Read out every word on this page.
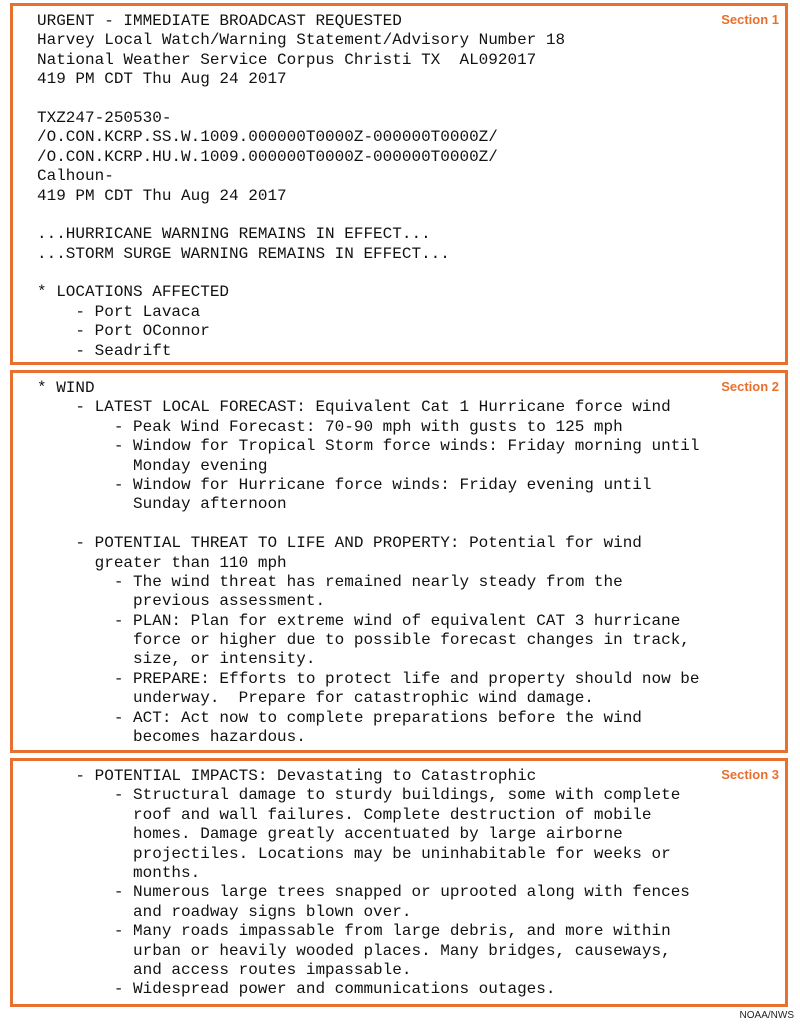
Section 1
URGENT - IMMEDIATE BROADCAST REQUESTED
Harvey Local Watch/Warning Statement/Advisory Number 18
National Weather Service Corpus Christi TX  AL092017
419 PM CDT Thu Aug 24 2017
TXZ247-250530-
/O.CON.KCRP.SS.W.1009.000000T0000Z-000000T0000Z/
/O.CON.KCRP.HU.W.1009.000000T0000Z-000000T0000Z/
Calhoun-
419 PM CDT Thu Aug 24 2017
...HURRICANE WARNING REMAINS IN EFFECT...
...STORM SURGE WARNING REMAINS IN EFFECT...
* LOCATIONS AFFECTED
- Port Lavaca
- Port OConnor
- Seadrift
Section 2
* WIND
- LATEST LOCAL FORECAST: Equivalent Cat 1 Hurricane force wind
- Peak Wind Forecast: 70-90 mph with gusts to 125 mph
- Window for Tropical Storm force winds: Friday morning until
Monday evening
- Window for Hurricane force winds: Friday evening until
Sunday afternoon
- POTENTIAL THREAT TO LIFE AND PROPERTY: Potential for wind
greater than 110 mph
- The wind threat has remained nearly steady from the
previous assessment.
- PLAN: Plan for extreme wind of equivalent CAT 3 hurricane
force or higher due to possible forecast changes in track,
size, or intensity.
- PREPARE: Efforts to protect life and property should now be
underway.  Prepare for catastrophic wind damage.
- ACT: Act now to complete preparations before the wind
becomes hazardous.
Section 3
- POTENTIAL IMPACTS: Devastating to Catastrophic
- Structural damage to sturdy buildings, some with complete
roof and wall failures. Complete destruction of mobile
homes. Damage greatly accentuated by large airborne
projectiles. Locations may be uninhabitable for weeks or
months.
- Numerous large trees snapped or uprooted along with fences
and roadway signs blown over.
- Many roads impassable from large debris, and more within
urban or heavily wooded places. Many bridges, causeways,
and access routes impassable.
- Widespread power and communications outages.
NOAA/NWS
